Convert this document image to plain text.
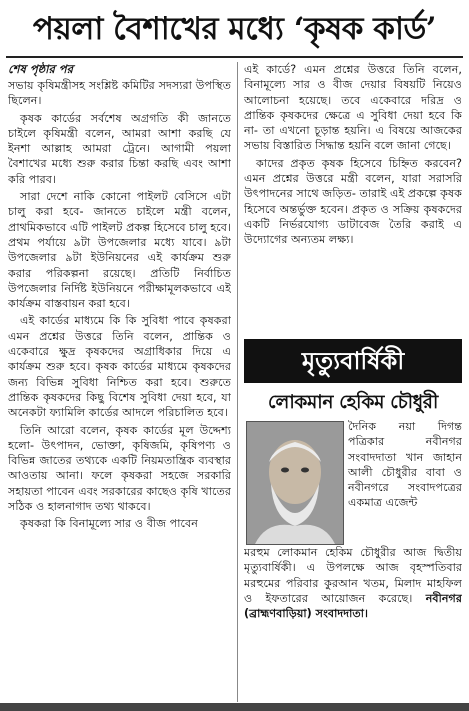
পয়লা বৈশাখের মধ্যে ‘কৃষক কার্ড’

শেষ পৃষ্ঠার পর

সভায় কৃষিমন্ত্রীসহ সংশ্লিষ্ট কমিটির সদস্যরা উপস্থিত ছিলেন।

কৃষক কার্ডের সর্বশেষ অগ্রগতি কী জানতে চাইলে কৃষিমন্ত্রী বলেন, আমরা আশা করছি যে ইনশা আল্লাহ আমরা ট্রেনে। আগামী পয়লা বৈশাখের মধ্যে শুরু করার চিন্তা করছি এবং আশা করি পারব।

সারা দেশে নাকি কোনো পাইলট বেসিসে এটা চালু করা হবে- জানতে চাইলে মন্ত্রী বলেন, প্রাথমিকভাবে এটি পাইলট প্রকল্প হিসেবে চালু হবে। প্রথম পর্যায়ে ৯টা উপজেলার মধ্যে যাবে। ৯টা উপজেলার ৯টা ইউনিয়নের এই কার্যক্রম শুরু করার পরিকল্পনা রয়েছে। প্রতিটি নির্বাচিত উপজেলার নির্দিষ্ট ইউনিয়নে পরীক্ষামূলকভাবে এই কার্যক্রম বাস্তবায়ন করা হবে।

এই কার্ডের মাধ্যমে কি কি সুবিধা পাবে কৃষকরা এমন প্রশ্নের উত্তরে তিনি বলেন, প্রান্তিক ও একেবারে ক্ষুদ্র কৃষকদের অগ্রাধিকার দিয়ে এ কার্যক্রম শুরু হবে। কৃষক কার্ডের মাধ্যমে কৃষকদের জন্য বিভিন্ন সুবিধা নিশ্চিত করা হবে। শুরুতে প্রান্তিক কৃষকদের কিছু বিশেষ সুবিধা দেয়া হবে, যা অনেকটা ফ্যামিলি কার্ডের আদলে পরিচালিত হবে।

তিনি আরো বলেন, কৃষক কার্ডের মূল উদ্দেশ্য হলো- উৎপাদন, ভোক্তা, কৃষিজমি, কৃষিপণ্য ও বিভিন্ন জাতের তথ্যকে একটি নিয়মতান্ত্রিক ব্যবস্থার আওতায় আনা। ফলে কৃষকরা সহজে সরকারি সহায়তা পাবেন এবং সরকারের কাছেও কৃষি খাতের সঠিক ও হালনাগাদ তথ্য থাকবে।

কৃষকরা কি বিনামূল্যে সার ও বীজ পাবেন

এই কার্ডে? এমন প্রশ্নের উত্তরে তিনি বলেন, বিনামূল্যে সার ও বীজ দেয়ার বিষয়টি নিয়েও আলোচনা হয়েছে। তবে একেবারে দরিদ্র ও প্রান্তিক কৃষকদের ক্ষেত্রে এ সুবিধা দেয়া হবে কি না- তা এখনো চূড়ান্ত হয়নি। এ বিষয়ে আজকের সভায় বিস্তারিত সিদ্ধান্ত হয়নি বলে জানা গেছে।

কাদের প্রকৃত কৃষক হিসেবে চিহ্নিত করবেন? এমন প্রশ্নের উত্তরে মন্ত্রী বলেন, যারা সরাসরি উৎপাদনের সাথে জড়িত- তারাই এই প্রকল্পে কৃষক হিসেবে অন্তর্ভুক্ত হবেন। প্রকৃত ও সক্রিয় কৃষকদের একটি নির্ভরযোগ্য ডাটাবেজ তৈরি করাই এ উদ্যোগের অন্যতম লক্ষ্য।

মৃত্যুবার্ষিকী
লোকমান হেকিম চৌধুরী

দৈনিক নয়া দিগন্ত পত্রিকার নবীনগর সংবাদদাতা খান জাহান আলী চৌধুরীর বাবা ও নবীনগরে সংবাদপত্রের একমাত্র এজেন্ট

মরহুম লোকমান হেকিম চৌধুরীর আজ দ্বিতীয় মৃত্যুবার্ষিকী। এ উপলক্ষে আজ বৃহস্পতিবার মরহুমের পরিবার কুরআন খতম, মিলাদ মাহফিল ও ইফতারের আয়োজন করেছে। নবীনগর (ব্রাহ্মণবাড়িয়া) সংবাদদাতা।
